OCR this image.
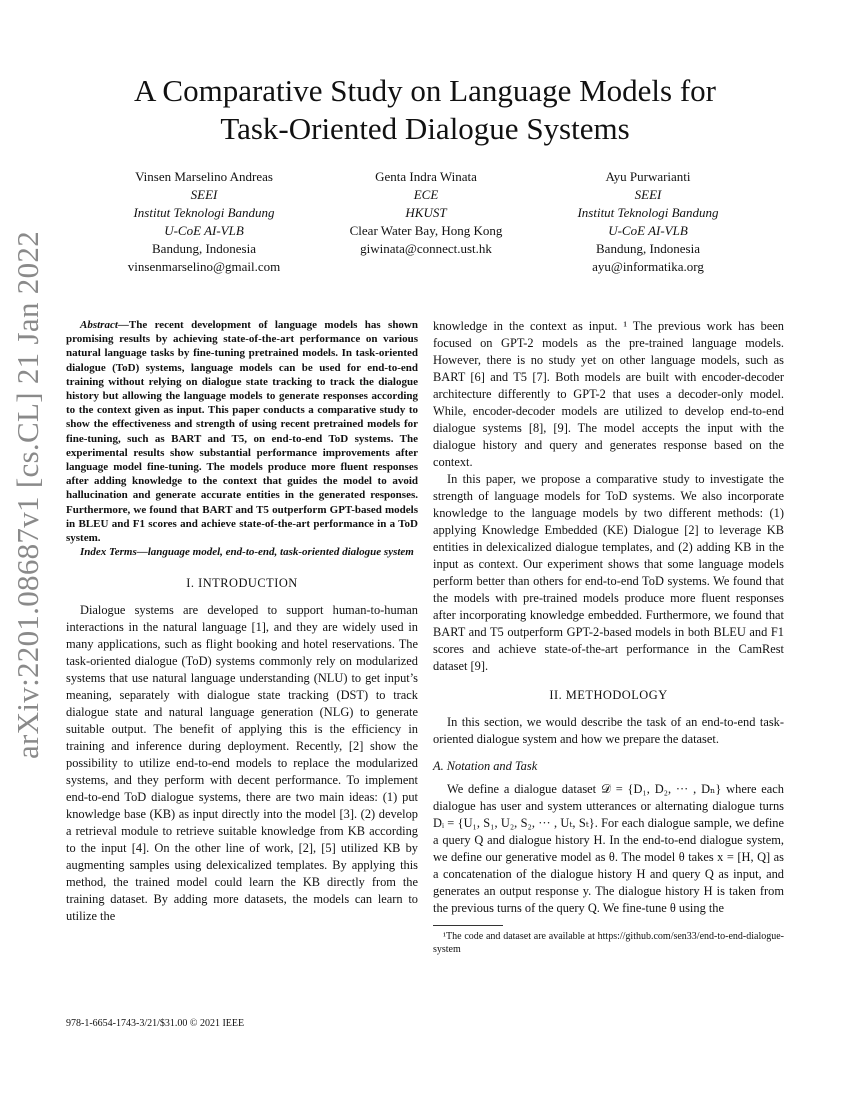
arXiv:2201.08687v1 [cs.CL] 21 Jan 2022
A Comparative Study on Language Models for
Task-Oriented Dialogue Systems
Vinsen Marselino Andreas
SEEI
Institut Teknologi Bandung
U-CoE AI-VLB
Bandung, Indonesia
vinsenmarselino@gmail.com
Genta Indra Winata
ECE
HKUST
Clear Water Bay, Hong Kong
giwinata@connect.ust.hk
Ayu Purwarianti
SEEI
Institut Teknologi Bandung
U-CoE AI-VLB
Bandung, Indonesia
ayu@informatika.org

Abstract—The recent development of language models has shown promising results by achieving state-of-the-art performance on various natural language tasks by fine-tuning pretrained models. In task-oriented dialogue (ToD) systems, language models can be used for end-to-end training without relying on dialogue state tracking to track the dialogue history but allowing the language models to generate responses according to the context given as input. This paper conducts a comparative study to show the effectiveness and strength of using recent pretrained models for fine-tuning, such as BART and T5, on end-to-end ToD systems. The experimental results show substantial performance improvements after language model fine-tuning. The models produce more fluent responses after adding knowledge to the context that guides the model to avoid hallucination and generate accurate entities in the generated responses. Furthermore, we found that BART and T5 outperform GPT-based models in BLEU and F1 scores and achieve state-of-the-art performance in a ToD system.

Index Terms—language model, end-to-end, task-oriented dialogue system

I. INTRODUCTION

Dialogue systems are developed to support human-to-human interactions in the natural language [1], and they are widely used in many applications, such as flight booking and hotel reservations. The task-oriented dialogue (ToD) systems commonly rely on modularized systems that use natural language understanding (NLU) to get input’s meaning, separately with dialogue state tracking (DST) to track dialogue state and natural language generation (NLG) to generate suitable output. The benefit of applying this is the efficiency in training and inference during deployment. Recently, [2] show the possibility to utilize end-to-end models to replace the modularized systems, and they perform with decent performance. To implement end-to-end ToD dialogue systems, there are two main ideas: (1) put knowledge base (KB) as input directly into the model [3]. (2) develop a retrieval module to retrieve suitable knowledge from KB according to the input [4]. On the other line of work, [2], [5] utilized KB by augmenting samples using delexicalized templates. By applying this method, the trained model could learn the KB directly from the training dataset. By adding more datasets, the models can learn to utilize the

knowledge in the context as input. ¹ The previous work has been focused on GPT-2 models as the pre-trained language models. However, there is no study yet on other language models, such as BART [6] and T5 [7]. Both models are built with encoder-decoder architecture differently to GPT-2 that uses a decoder-only model. While, encoder-decoder models are utilized to develop end-to-end dialogue systems [8], [9]. The model accepts the input with the dialogue history and query and generates response based on the context.

In this paper, we propose a comparative study to investigate the strength of language models for ToD systems. We also incorporate knowledge to the language models by two different methods: (1) applying Knowledge Embedded (KE) Dialogue [2] to leverage KB entities in delexicalized dialogue templates, and (2) adding KB in the input as context. Our experiment shows that some language models perform better than others for end-to-end ToD systems. We found that the models with pre-trained models produce more fluent responses after incorporating knowledge embedded. Furthermore, we found that BART and T5 outperform GPT-2-based models in both BLEU and F1 scores and achieve state-of-the-art performance in the CamRest dataset [9].

II. METHODOLOGY

In this section, we would describe the task of an end-to-end task-oriented dialogue system and how we prepare the dataset.

A. Notation and Task

We define a dialogue dataset 𝒟 = {D₁, D₂, ··· , Dₙ} where each dialogue has user and system utterances or alternating dialogue turns Dᵢ = {U₁, S₁, U₂, S₂, ··· , Uₜ, Sₜ}. For each dialogue sample, we define a query Q and dialogue history H. In the end-to-end dialogue system, we define our generative model as θ. The model θ takes x = [H, Q] as a concatenation of the dialogue history H and query Q as input, and generates an output response y. The dialogue history H is taken from the previous turns of the query Q. We fine-tune θ using the

¹The code and dataset are available at https://github.com/sen33/end-to-end-dialogue-system

978-1-6654-1743-3/21/$31.00 © 2021 IEEE
